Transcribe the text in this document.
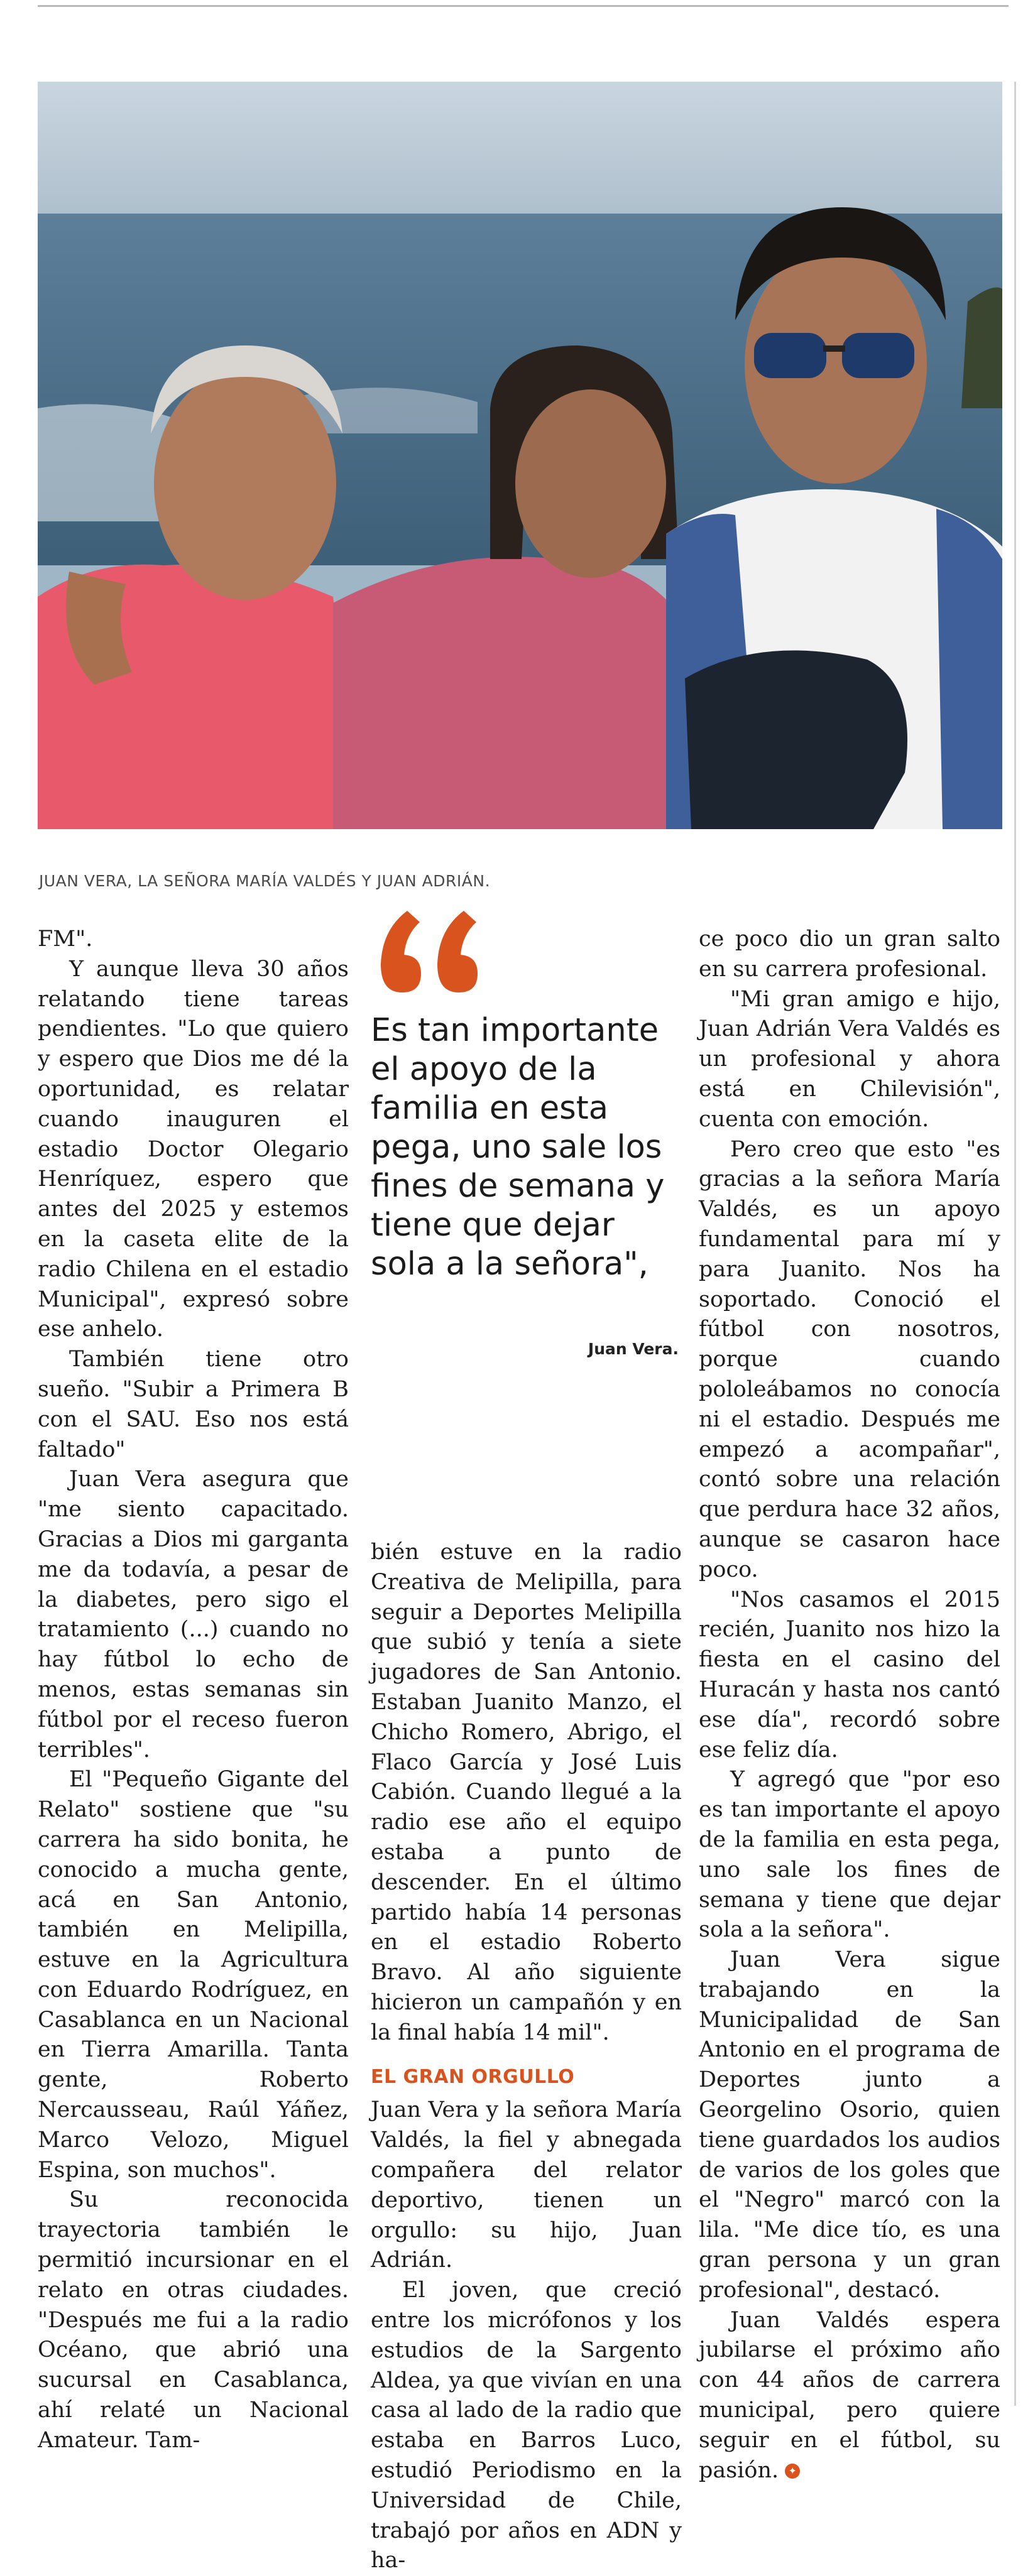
JUAN VERA, LA SEÑORA MARÍA VALDÉS Y JUAN ADRIÁN.

FM".

Y aunque lleva 30 años relatando tiene tareas pendientes. "Lo que quiero y espero que Dios me dé la oportunidad, es relatar cuando inauguren el estadio Doctor Olegario Henríquez, espero que antes del 2025 y estemos en la caseta elite de la radio Chilena en el estadio Municipal", expresó sobre ese anhelo.

También tiene otro sueño. "Subir a Primera B con el SAU. Eso nos está faltado"

Juan Vera asegura que "me siento capacitado. Gracias a Dios mi garganta me da todavía, a pesar de la diabetes, pero sigo el tratamiento (...) cuando no hay fútbol lo echo de menos, estas semanas sin fútbol por el receso fueron terribles".

El "Pequeño Gigante del Relato" sostiene que "su carrera ha sido bonita, he conocido a mucha gente, acá en San Antonio, también en Melipilla, estuve en la Agricultura con Eduardo Rodríguez, en Casablanca en un Nacional en Tierra Amarilla. Tanta gente, Roberto Nercausseau, Raúl Yáñez, Marco Velozo, Miguel Espina, son muchos".

Su reconocida trayectoria también le permitió incursionar en el relato en otras ciudades. "Después me fui a la radio Océano, que abrió una sucursal en Casablanca, ahí relaté un Nacional Amateur. Tam-

Es tan importante el apoyo de la familia en esta pega, uno sale los fines de semana y tiene que dejar sola a la señora",
Juan Vera.

bién estuve en la radio Creativa de Melipilla, para seguir a Deportes Melipilla que subió y tenía a siete jugadores de San Antonio. Estaban Juanito Manzo, el Chicho Romero, Abrigo, el Flaco García y José Luis Cabión. Cuando llegué a la radio ese año el equipo estaba a punto de descender. En el último partido había 14 personas en el estadio Roberto Bravo. Al año siguiente hicieron un campañón y en la final había 14 mil".

EL GRAN ORGULLO

Juan Vera y la señora María Valdés, la fiel y abnegada compañera del relator deportivo, tienen un orgullo: su hijo, Juan Adrián.

El joven, que creció entre los micrófonos y los estudios de la Sargento Aldea, ya que vivían en una casa al lado de la radio que estaba en Barros Luco, estudió Periodismo en la Universidad de Chile, trabajó por años en ADN y ha-

ce poco dio un gran salto en su carrera profesional.

"Mi gran amigo e hijo, Juan Adrián Vera Valdés es un profesional y ahora está en Chilevisión", cuenta con emoción.

Pero creo que esto "es gracias a la señora María Valdés, es un apoyo fundamental para mí y para Juanito. Nos ha soportado. Conoció el fútbol con nosotros, porque cuando pololeábamos no conocía ni el estadio. Después me empezó a acompañar", contó sobre una relación que perdura hace 32 años, aunque se casaron hace poco.

"Nos casamos el 2015 recién, Juanito nos hizo la fiesta en el casino del Huracán y hasta nos cantó ese día", recordó sobre ese feliz día.

Y agregó que "por eso es tan importante el apoyo de la familia en esta pega, uno sale los fines de semana y tiene que dejar sola a la señora".

Juan Vera sigue trabajando en la Municipalidad de San Antonio en el programa de Deportes junto a Georgelino Osorio, quien tiene guardados los audios de varios de los goles que el "Negro" marcó con la lila. "Me dice tío, es una gran persona y un gran profesional", destacó.

Juan Valdés espera jubilarse el próximo año con 44 años de carrera municipal, pero quiere seguir en el fútbol, su pasión. ✦
